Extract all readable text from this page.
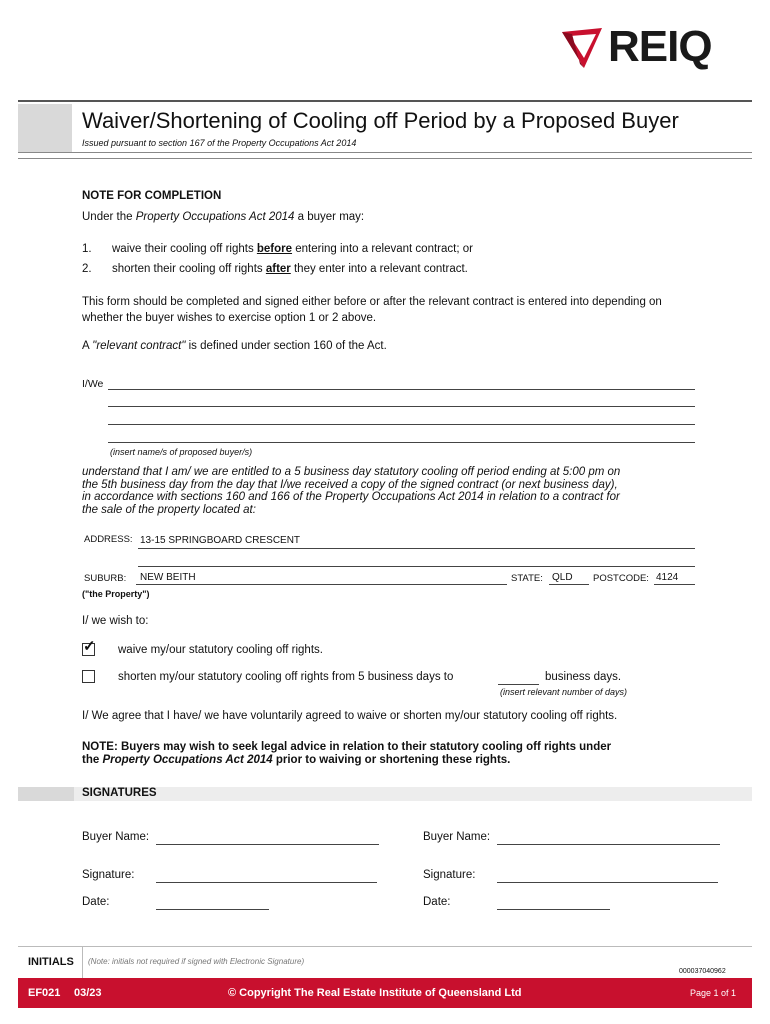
REIQ
Waiver/Shortening of Cooling off Period by a Proposed Buyer
Issued pursuant to section 167 of the Property Occupations Act 2014
NOTE FOR COMPLETION
Under the Property Occupations Act 2014 a buyer may:
1. waive their cooling off rights before entering into a relevant contract; or
2. shorten their cooling off rights after they enter into a relevant contract.
This form should be completed and signed either before or after the relevant contract is entered into depending on
whether the buyer wishes to exercise option 1 or 2 above.
A "relevant contract" is defined under section 160 of the Act.
I/We
(insert name/s of proposed buyer/s)
understand that I am/ we are entitled to a 5 business day statutory cooling off period ending at 5:00 pm on
the 5th business day from the day that I/we received a copy of the signed contract (or next business day),
in accordance with sections 160 and 166 of the Property Occupations Act 2014 in relation to a contract for
the sale of the property located at:
ADDRESS: 13-15 SPRINGBOARD CRESCENT
SUBURB: NEW BEITH	STATE: QLD POSTCODE: 4124
("the Property")
I/ we wish to:
✓ waive my/our statutory cooling off rights.
shorten my/our statutory cooling off rights from 5 business days to	business days.
(insert relevant number of days)
I/ We agree that I have/ we have voluntarily agreed to waive or shorten my/our statutory cooling off rights.
NOTE: Buyers may wish to seek legal advice in relation to their statutory cooling off rights under
the Property Occupations Act 2014 prior to waiving or shortening these rights.
SIGNATURES
Buyer Name:	Buyer Name:
Signature:	Signature:
Date:	Date:
INITIALS (Note: initials not required if signed with Electronic Signature)
000037040962
EF021 03/23	© Copyright The Real Estate Institute of Queensland Ltd	Page 1 of 1
